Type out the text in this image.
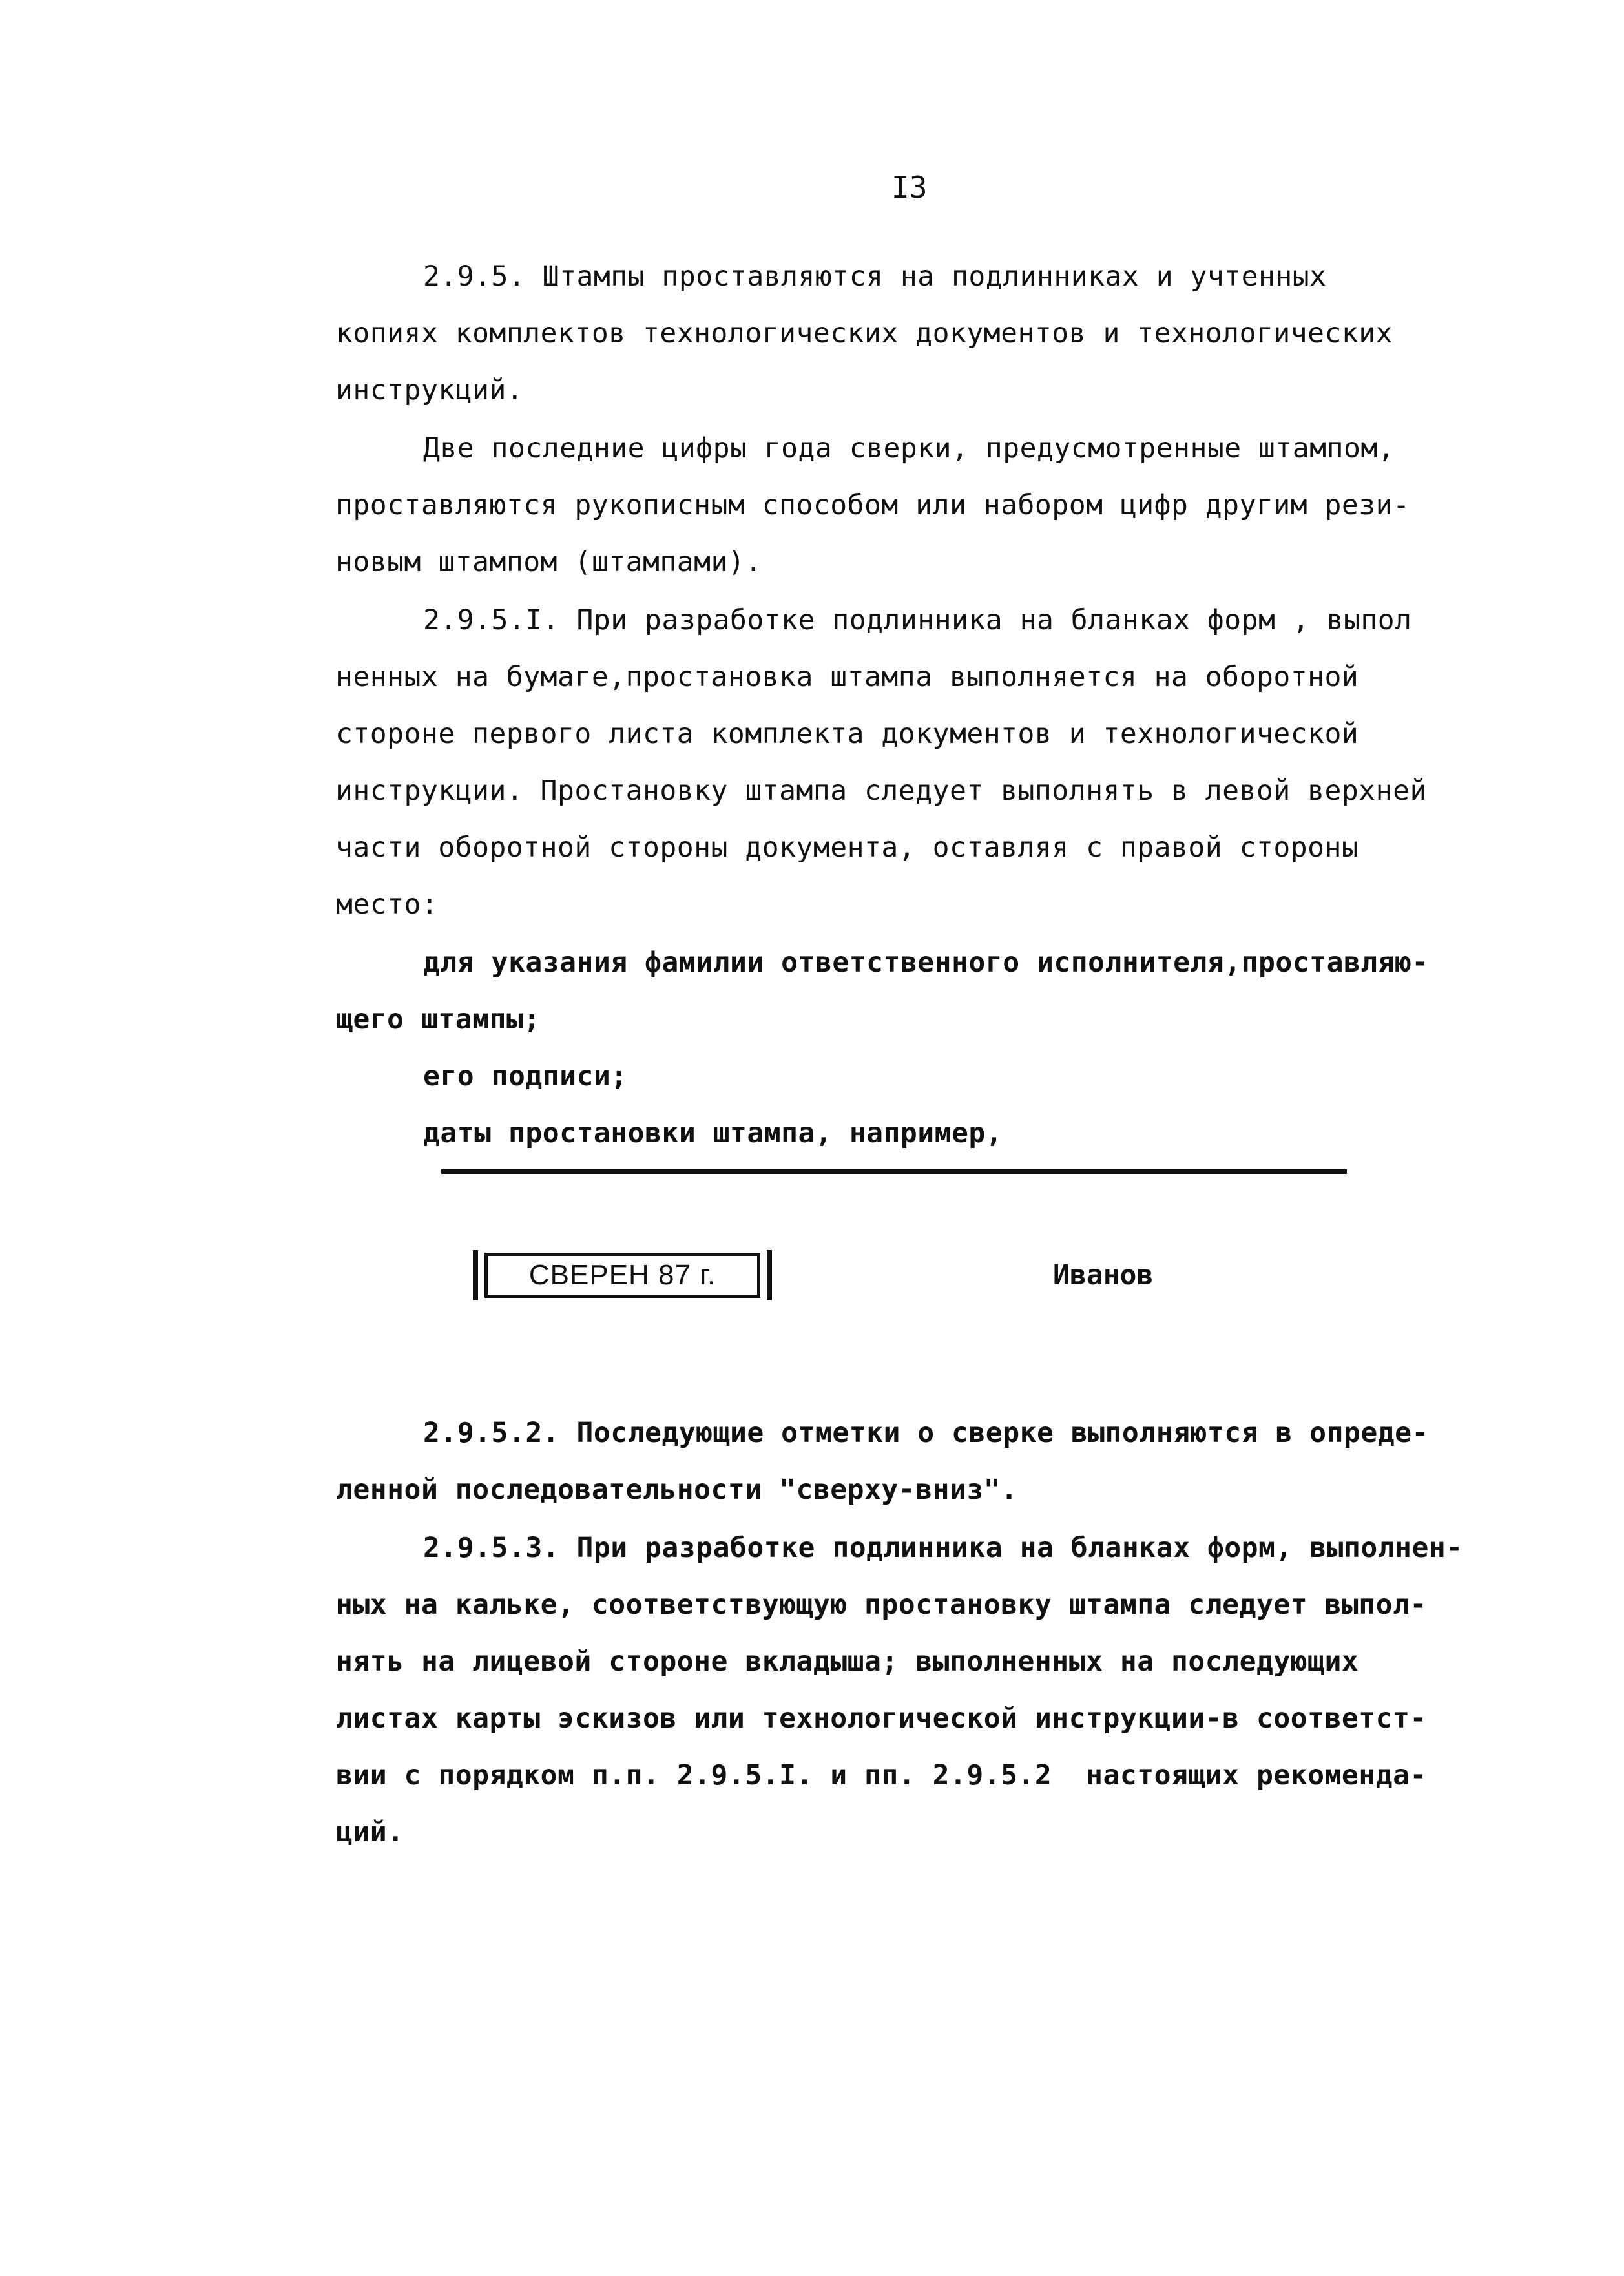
I3
2.9.5. Штампы проставляются на подлинниках и учтенных
копиях комплектов технологических документов и технологических
инструкций.
Две последние цифры года сверки, предусмотренные штампом,
проставляются рукописным способом или набором цифр другим рези-
новым штампом (штампами).
2.9.5.I. При разработке подлинника на бланках форм , выпол
ненных на бумаге,простановка штампа выполняется на оборотной
стороне первого листа комплекта документов и технологической
инструкции. Простановку штампа следует выполнять в левой верхней
части оборотной стороны документа, оставляя с правой стороны
место:
для указания фамилии ответственного исполнителя,проставляю-
щего штампы;
его подписи;
даты простановки штампа, например,
СВЕРЕН 87 г.	Иванов
2.9.5.2. Последующие отметки о сверке выполняются в опреде-
ленной последовательности "сверху-вниз".
2.9.5.3. При разработке подлинника на бланках форм, выполнен-
ных на кальке, соответствующую простановку штампа следует выпол-
нять на лицевой стороне вкладыша; выполненных на последующих
листах карты эскизов или технологической инструкции-в соответст-
вии с порядком п.п. 2.9.5.I. и пп. 2.9.5.2  настоящих рекоменда-
ций.
